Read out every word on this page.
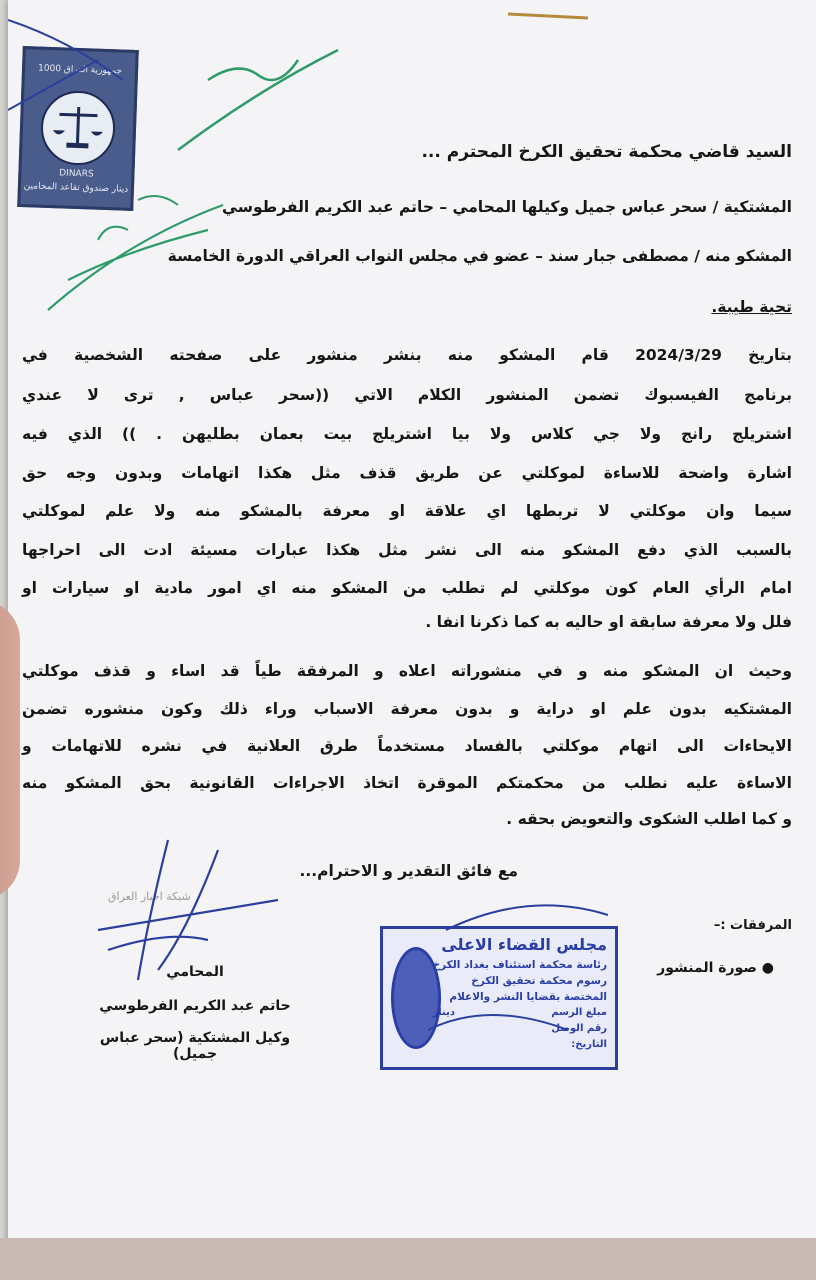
1000 جمهورية العراق
DINARS
دينار صندوق تقاعد المحامين
السيد قاضي محكمة تحقيق الكرخ المحترم ...
المشتكية / سحر عباس جميل وكيلها المحامي – حاتم عبد الكريم الفرطوسي
المشكو منه / مصطفى جبار سند – عضو في مجلس النواب العراقي الدورة الخامسة
تحية طيبة.
بتاريخ 2024/3/29 قام المشكو منه بنشر منشور على صفحته الشخصية في
برنامج الفيسبوك تضمن المنشور الكلام الاتي ((سحر عباس , ترى لا عندي
اشتريلج رانج ولا جي كلاس ولا بيا اشتريلج بيت بعمان بطليهن . )) الذي فيه
اشارة واضحة للاساءة لموكلتي عن طريق قذف مثل هكذا اتهامات وبدون وجه حق
سيما وان موكلتي لا تربطها اي علاقة او معرفة بالمشكو منه ولا علم لموكلتي
بالسبب الذي دفع المشكو منه الى نشر مثل هكذا عبارات مسيئة ادت الى احراجها
امام الرأي العام كون موكلتي لم تطلب من المشكو منه اي امور مادية او سيارات او
فلل ولا معرفة سابقة او حاليه به كما ذكرنا انفا .
وحيث ان المشكو منه و في منشوراته اعلاه و المرفقة طياً قد اساء و قذف موكلتي
المشتكيه بدون علم او دراية و بدون معرفة الاسباب وراء ذلك وكون منشوره تضمن
الايحاءات الى اتهام موكلتي بالفساد مستخدماً طرق العلانية في نشره للاتهامات و
الاساءة عليه نطلب من محكمتكم الموقرة اتخاذ الاجراءات القانونية بحق المشكو منه
و كما اطلب الشكوى والتعويض بحقه .
مع فائق التقدير و الاحترام...
المرفقات :–
● صورة المنشور
شبكة اخبار العراق
مجلس القضاء الاعلى
رئاسة محكمة استئناف بغداد الكرخ
رسوم محكمة تحقيق الكرخ
المختصة بقضايا النشر والاعلام
مبلغ الرسم
دينار
رقم الوصل
التاريخ:
المحامي
حاتم عبد الكريم الفرطوسي
وكيل المشتكية (سحر عباس جميل)
